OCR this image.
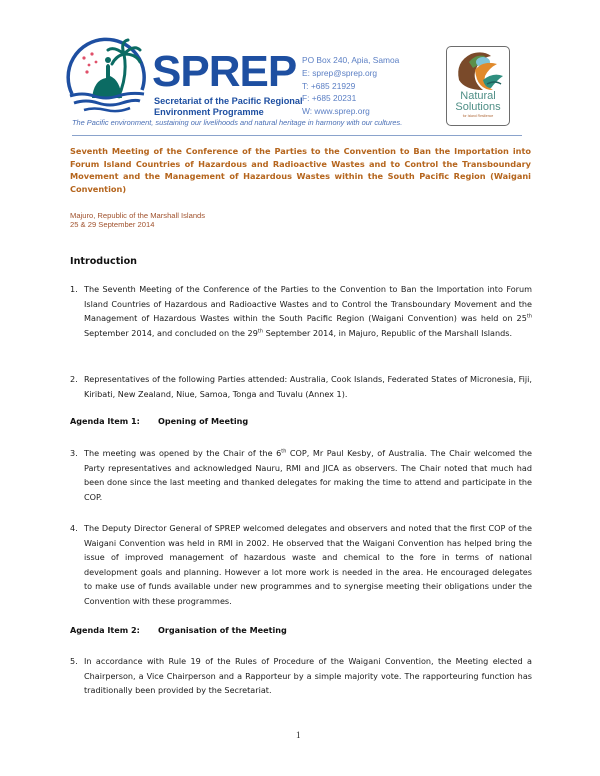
SPREP
Secretariat of the Pacific Regional
Environment Programme
The Pacific environment, sustaining our livelihoods and natural heritage in harmony with our cultures.
PO Box 240, Apia, Samoa
E: sprep@sprep.org
T: +685 21929
F: +685 20231
W: www.sprep.org
Natural
Solutions
for Island Resilience
Seventh Meeting of the Conference of the Parties to the Convention to Ban the Importation into Forum Island Countries of Hazardous and Radioactive Wastes and to Control the Transboundary Movement and the Management of Hazardous Wastes within the South Pacific Region (Waigani Convention)
Majuro, Republic of the Marshall Islands
25 & 29 September 2014
Introduction
1. The Seventh Meeting of the Conference of the Parties to the Convention to Ban the Importation into Forum Island Countries of Hazardous and Radioactive Wastes and to Control the Transboundary Movement and the Management of Hazardous Wastes within the South Pacific Region (Waigani Convention) was held on 25th September 2014, and concluded on the 29th September 2014, in Majuro, Republic of the Marshall Islands.
2. Representatives of the following Parties attended: Australia, Cook Islands, Federated States of Micronesia, Fiji, Kiribati, New Zealand, Niue, Samoa, Tonga and Tuvalu (Annex 1).
Agenda Item 1: Opening of Meeting
3. The meeting was opened by the Chair of the 6th COP, Mr Paul Kesby, of Australia. The Chair welcomed the Party representatives and acknowledged Nauru, RMI and JICA as observers. The Chair noted that much had been done since the last meeting and thanked delegates for making the time to attend and participate in the COP.
4. The Deputy Director General of SPREP welcomed delegates and observers and noted that the first COP of the Waigani Convention was held in RMI in 2002. He observed that the Waigani Convention has helped bring the issue of improved management of hazardous waste and chemical to the fore in terms of national development goals and planning. However a lot more work is needed in the area. He encouraged delegates to make use of funds available under new programmes and to synergise meeting their obligations under the Convention with these programmes.
Agenda Item 2: Organisation of the Meeting
5. In accordance with Rule 19 of the Rules of Procedure of the Waigani Convention, the Meeting elected a Chairperson, a Vice Chairperson and a Rapporteur by a simple majority vote. The rapporteuring function has traditionally been provided by the Secretariat.
1
